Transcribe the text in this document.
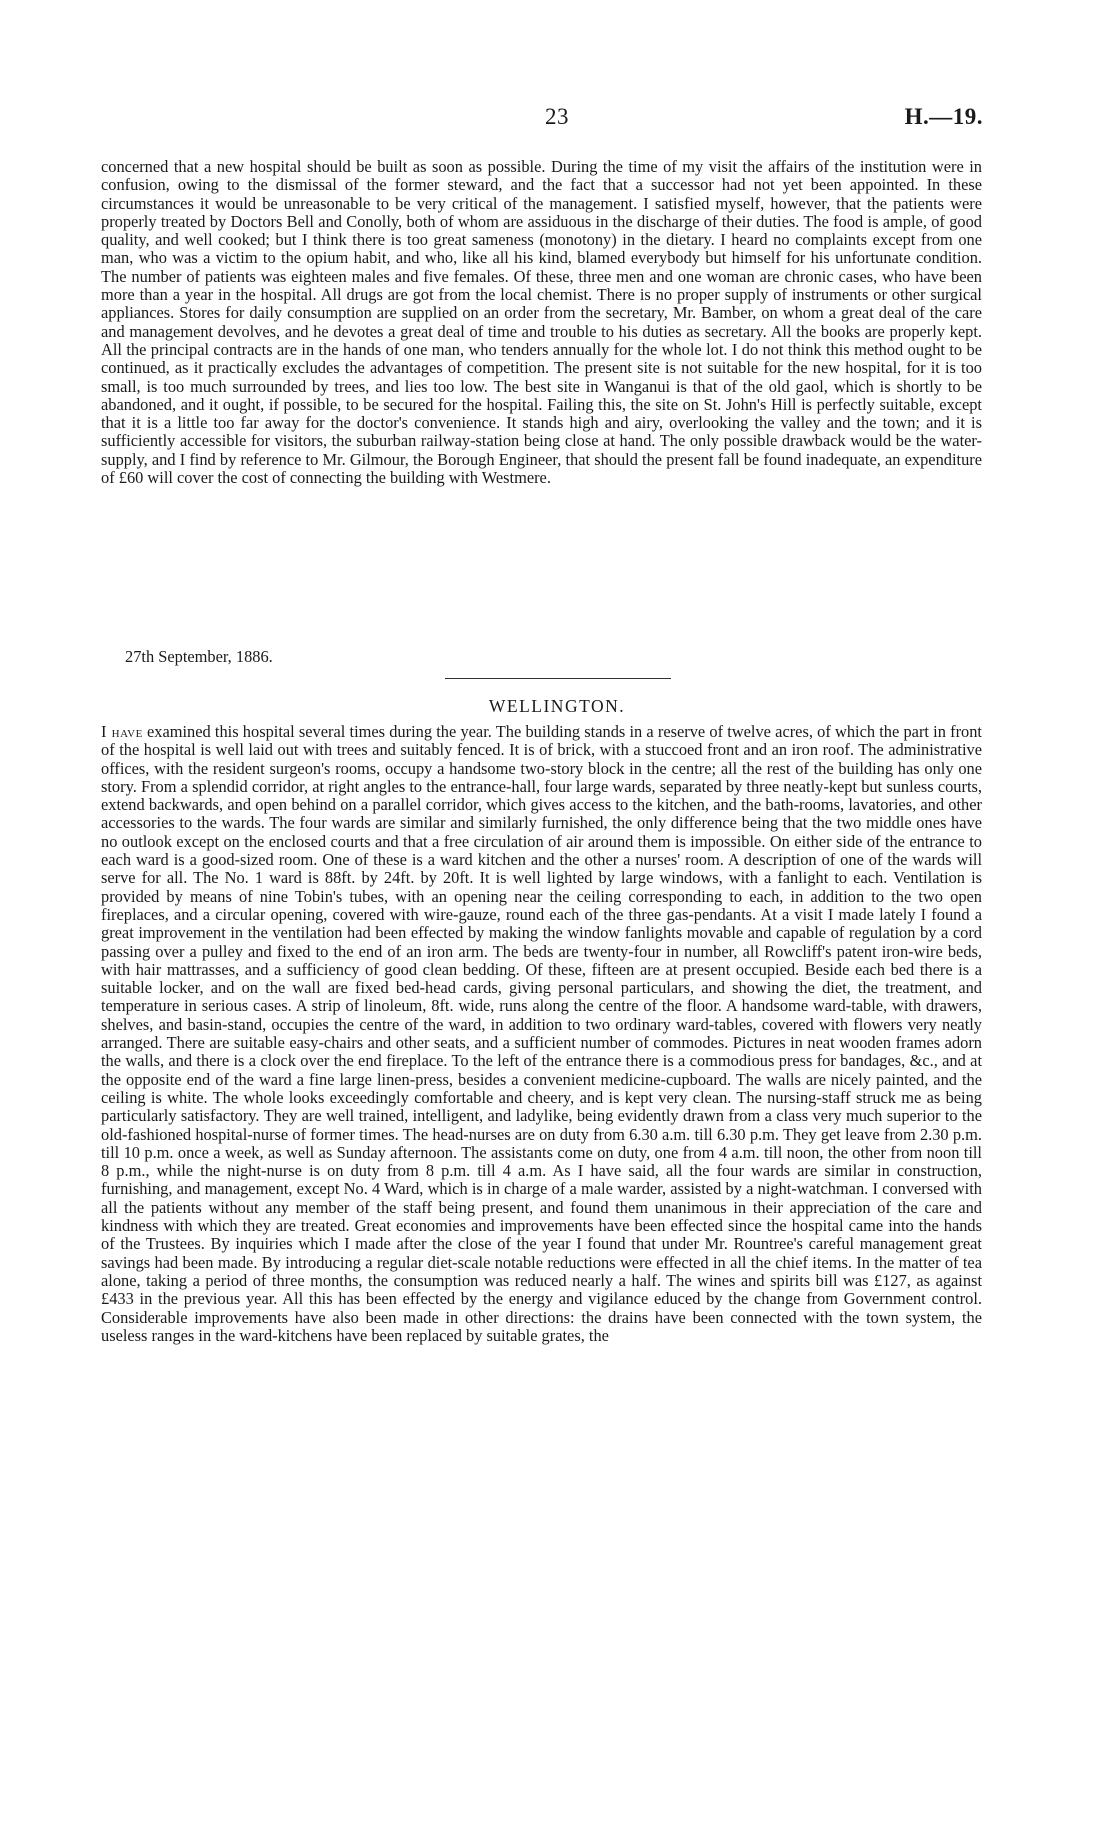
23	H.—19.

concerned that a new hospital should be built as soon as possible. During the time of my visit the affairs of the institution were in confusion, owing to the dismissal of the former steward, and the fact that a successor had not yet been appointed. In these circumstances it would be unreasonable to be very critical of the management. I satisfied myself, however, that the patients were properly treated by Doctors Bell and Conolly, both of whom are assiduous in the discharge of their duties. The food is ample, of good quality, and well cooked; but I think there is too great sameness (monotony) in the dietary. I heard no complaints except from one man, who was a victim to the opium habit, and who, like all his kind, blamed everybody but himself for his unfortunate condition. The number of patients was eighteen males and five females. Of these, three men and one woman are chronic cases, who have been more than a year in the hospital. All drugs are got from the local chemist. There is no proper supply of instruments or other surgical appliances. Stores for daily consumption are supplied on an order from the secretary, Mr. Bamber, on whom a great deal of the care and management devolves, and he devotes a great deal of time and trouble to his duties as secretary. All the books are properly kept. All the principal contracts are in the hands of one man, who tenders annually for the whole lot. I do not think this method ought to be continued, as it practically excludes the advantages of competition. The present site is not suitable for the new hospital, for it is too small, is too much surrounded by trees, and lies too low. The best site in Wanganui is that of the old gaol, which is shortly to be abandoned, and it ought, if possible, to be secured for the hospital. Failing this, the site on St. John's Hill is perfectly suitable, except that it is a little too far away for the doctor's convenience. It stands high and airy, overlooking the valley and the town; and it is sufficiently accessible for visitors, the suburban railway-station being close at hand. The only possible drawback would be the water-supply, and I find by reference to Mr. Gilmour, the Borough Engineer, that should the present fall be found inadequate, an expenditure of £60 will cover the cost of connecting the building with Westmere.

27th September, 1886.
WELLINGTON.

I have examined this hospital several times during the year. The building stands in a reserve of twelve acres, of which the part in front of the hospital is well laid out with trees and suitably fenced. It is of brick, with a stuccoed front and an iron roof. The administrative offices, with the resident surgeon's rooms, occupy a handsome two-story block in the centre; all the rest of the building has only one story. From a splendid corridor, at right angles to the entrance-hall, four large wards, separated by three neatly-kept but sunless courts, extend backwards, and open behind on a parallel corridor, which gives access to the kitchen, and the bath-rooms, lavatories, and other accessories to the wards. The four wards are similar and similarly furnished, the only difference being that the two middle ones have no outlook except on the enclosed courts and that a free circulation of air around them is impossible. On either side of the entrance to each ward is a good-sized room. One of these is a ward kitchen and the other a nurses' room. A description of one of the wards will serve for all. The No. 1 ward is 88ft. by 24ft. by 20ft. It is well lighted by large windows, with a fanlight to each. Ventilation is provided by means of nine Tobin's tubes, with an opening near the ceiling corresponding to each, in addition to the two open fireplaces, and a circular opening, covered with wire-gauze, round each of the three gas-pendants. At a visit I made lately I found a great improvement in the ventilation had been effected by making the window fanlights movable and capable of regulation by a cord passing over a pulley and fixed to the end of an iron arm. The beds are twenty-four in number, all Rowcliff's patent iron-wire beds, with hair mattrasses, and a sufficiency of good clean bedding. Of these, fifteen are at present occupied. Beside each bed there is a suitable locker, and on the wall are fixed bed-head cards, giving personal particulars, and showing the diet, the treatment, and temperature in serious cases. A strip of linoleum, 8ft. wide, runs along the centre of the floor. A handsome ward-table, with drawers, shelves, and basin-stand, occupies the centre of the ward, in addition to two ordinary ward-tables, covered with flowers very neatly arranged. There are suitable easy-chairs and other seats, and a sufficient number of commodes. Pictures in neat wooden frames adorn the walls, and there is a clock over the end fireplace. To the left of the entrance there is a commodious press for bandages, &c., and at the opposite end of the ward a fine large linen-press, besides a convenient medicine-cupboard. The walls are nicely painted, and the ceiling is white. The whole looks exceedingly comfortable and cheery, and is kept very clean. The nursing-staff struck me as being particularly satisfactory. They are well trained, intelligent, and ladylike, being evidently drawn from a class very much superior to the old-fashioned hospital-nurse of former times. The head-nurses are on duty from 6.30 a.m. till 6.30 p.m. They get leave from 2.30 p.m. till 10 p.m. once a week, as well as Sunday afternoon. The assistants come on duty, one from 4 a.m. till noon, the other from noon till 8 p.m., while the night-nurse is on duty from 8 p.m. till 4 a.m. As I have said, all the four wards are similar in construction, furnishing, and management, except No. 4 Ward, which is in charge of a male warder, assisted by a night-watchman. I conversed with all the patients without any member of the staff being present, and found them unanimous in their appreciation of the care and kindness with which they are treated. Great economies and improvements have been effected since the hospital came into the hands of the Trustees. By inquiries which I made after the close of the year I found that under Mr. Rountree's careful management great savings had been made. By introducing a regular diet-scale notable reductions were effected in all the chief items. In the matter of tea alone, taking a period of three months, the consumption was reduced nearly a half. The wines and spirits bill was £127, as against £433 in the previous year. All this has been effected by the energy and vigilance educed by the change from Government control. Considerable improvements have also been made in other directions: the drains have been connected with the town system, the useless ranges in the ward-kitchens have been replaced by suitable grates, the
